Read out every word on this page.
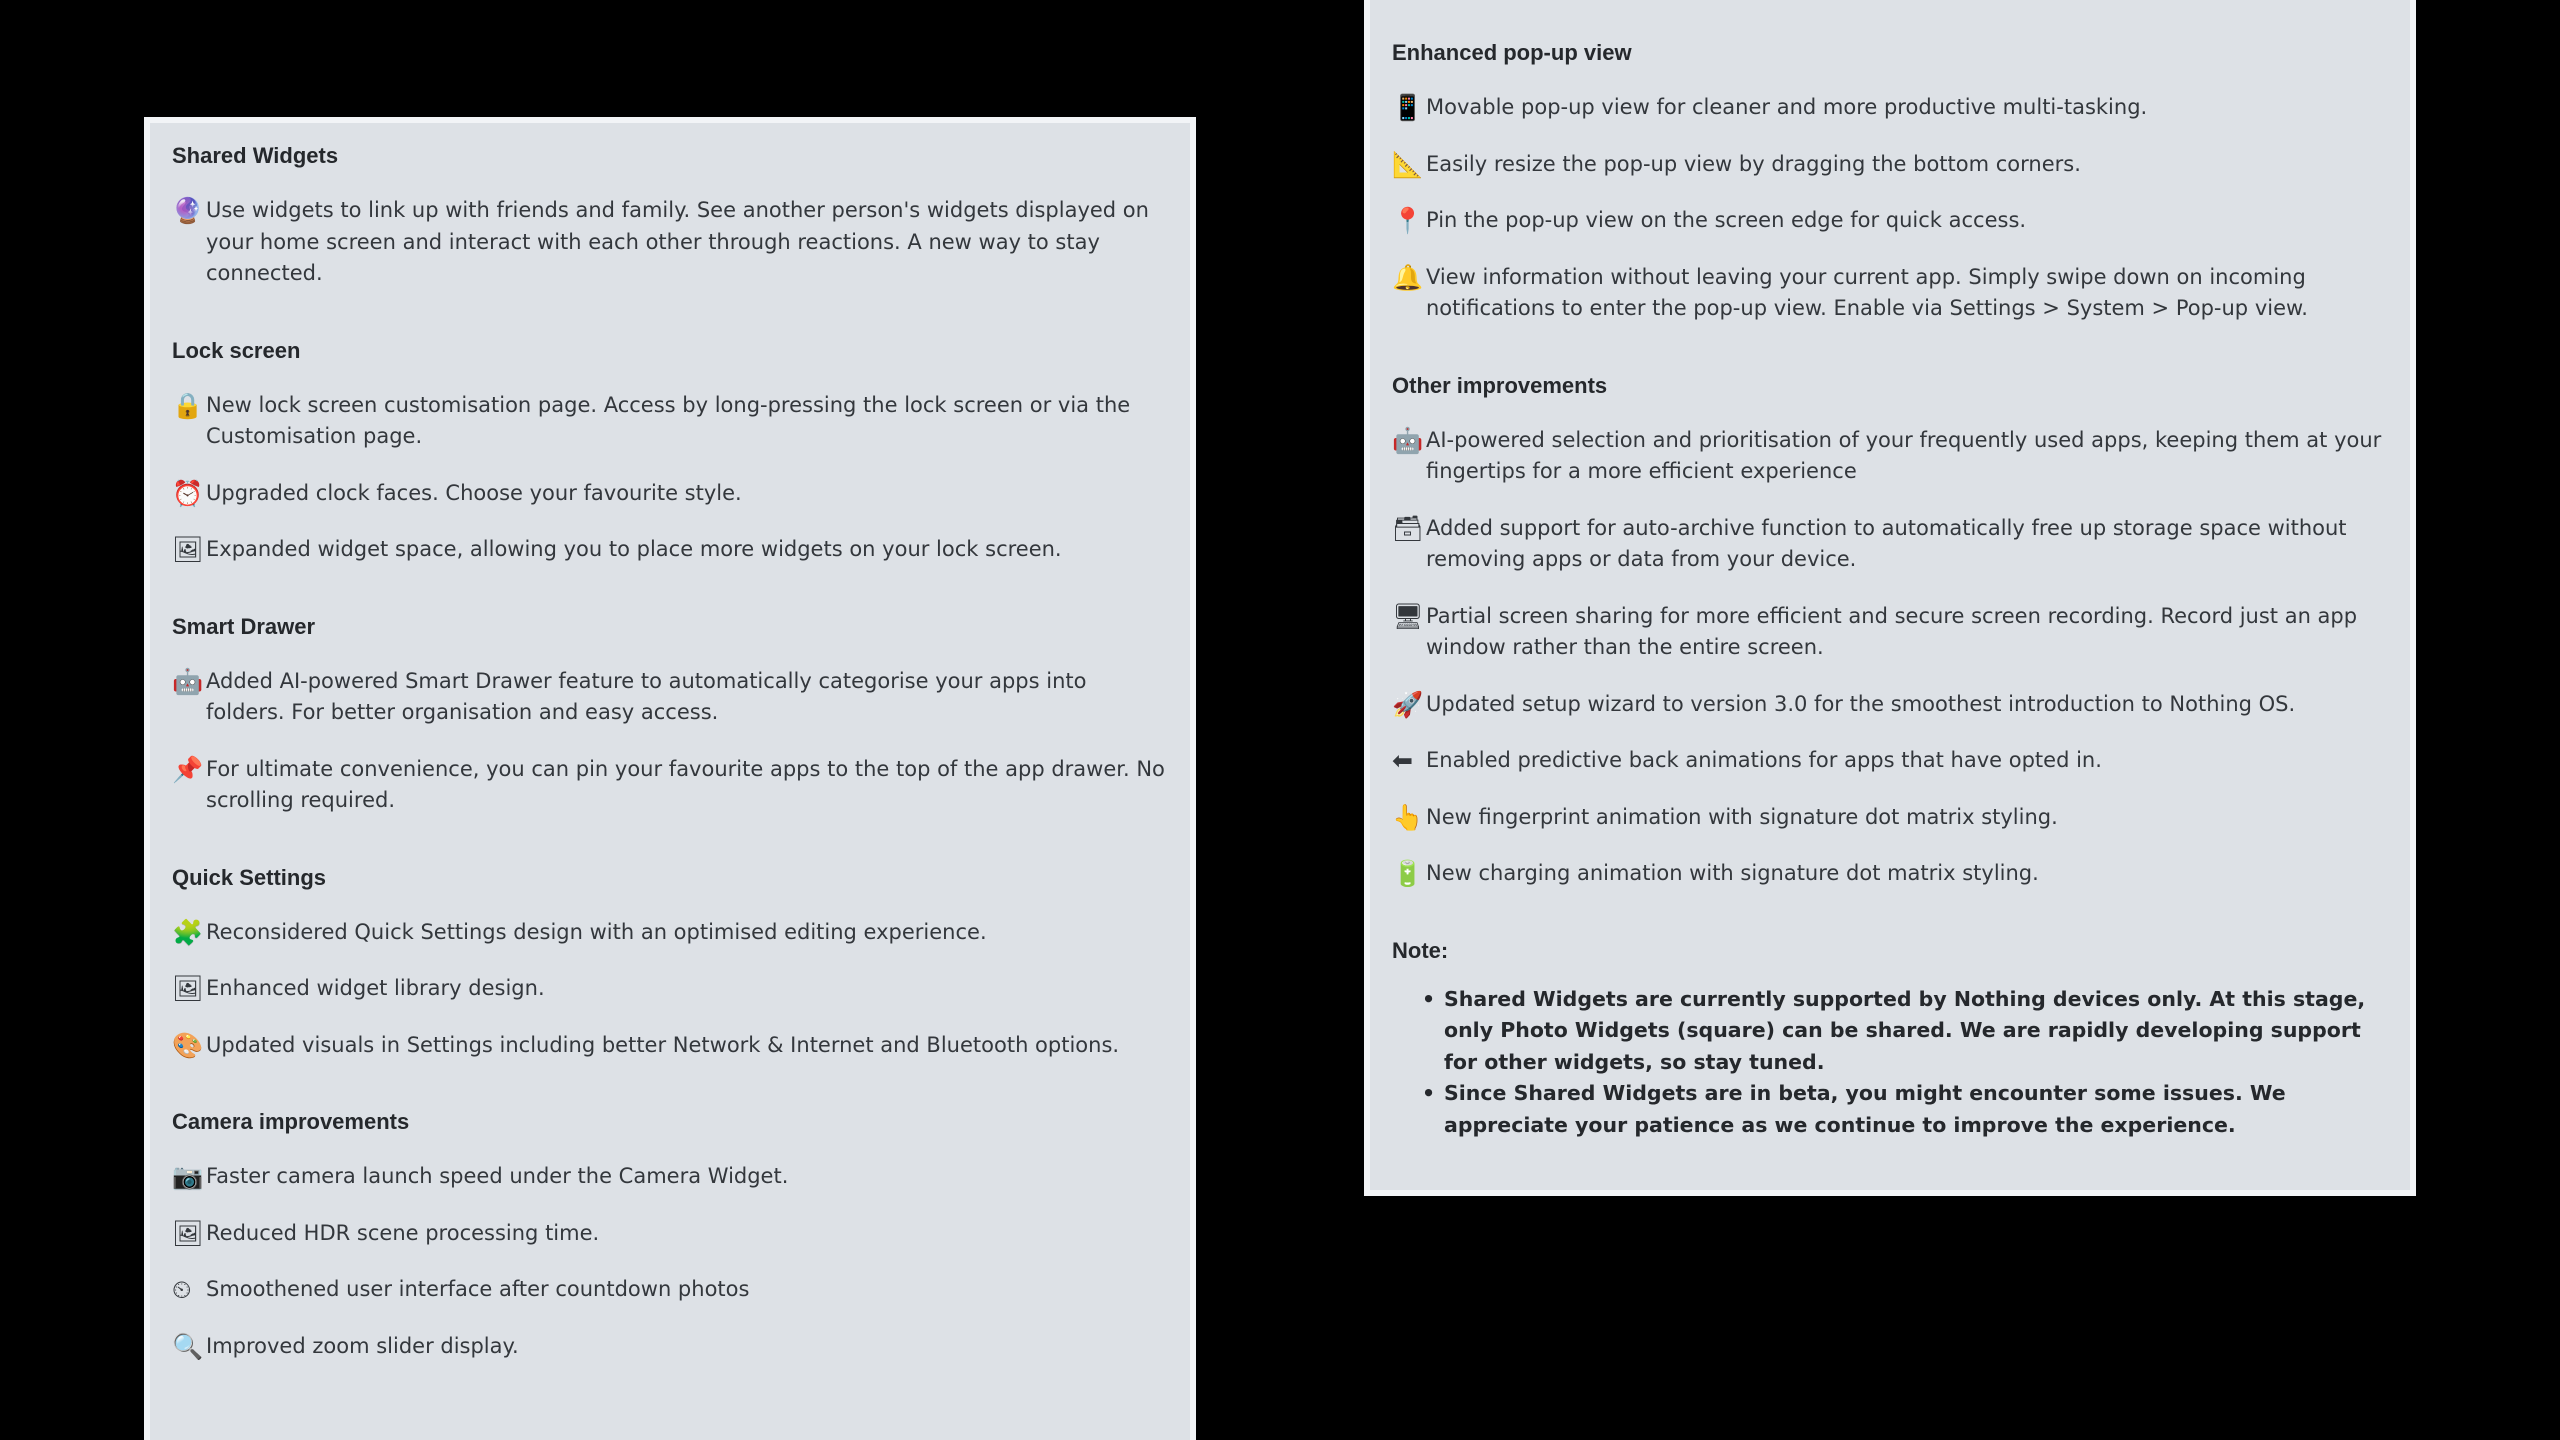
Shared Widgets
🔮 Use widgets to link up with friends and family. See another person's widgets displayed on your home screen and interact with each other through reactions. A new way to stay connected.
Lock screen
🔒 New lock screen customisation page. Access by long-pressing the lock screen or via the Customisation page.
⏰ Upgraded clock faces. Choose your favourite style.
🖼 Expanded widget space, allowing you to place more widgets on your lock screen.
Smart Drawer
🤖 Added AI-powered Smart Drawer feature to automatically categorise your apps into folders. For better organisation and easy access.
📌 For ultimate convenience, you can pin your favourite apps to the top of the app drawer. No scrolling required.
Quick Settings
🧩 Reconsidered Quick Settings design with an optimised editing experience.
🖼 Enhanced widget library design.
🎨 Updated visuals in Settings including better Network & Internet and Bluetooth options.
Camera improvements
📷 Faster camera launch speed under the Camera Widget.
🖼 Reduced HDR scene processing time.
⏲ Smoothened user interface after countdown photos
🔍 Improved zoom slider display.
Enhanced pop-up view
📱 Movable pop-up view for cleaner and more productive multi-tasking.
📐 Easily resize the pop-up view by dragging the bottom corners.
📍 Pin the pop-up view on the screen edge for quick access.
🔔 View information without leaving your current app. Simply swipe down on incoming notifications to enter the pop-up view. Enable via Settings > System > Pop-up view.
Other improvements
🤖 AI-powered selection and prioritisation of your frequently used apps, keeping them at your fingertips for a more efficient experience
🗃 Added support for auto-archive function to automatically free up storage space without removing apps or data from your device.
🖥 Partial screen sharing for more efficient and secure screen recording. Record just an app window rather than the entire screen.
🚀 Updated setup wizard to version 3.0 for the smoothest introduction to Nothing OS.
⬅ Enabled predictive back animations for apps that have opted in.
👆 New fingerprint animation with signature dot matrix styling.
🔋 New charging animation with signature dot matrix styling.
Note:
• Shared Widgets are currently supported by Nothing devices only. At this stage, only Photo Widgets (square) can be shared. We are rapidly developing support for other widgets, so stay tuned.
• Since Shared Widgets are in beta, you might encounter some issues. We appreciate your patience as we continue to improve the experience.
